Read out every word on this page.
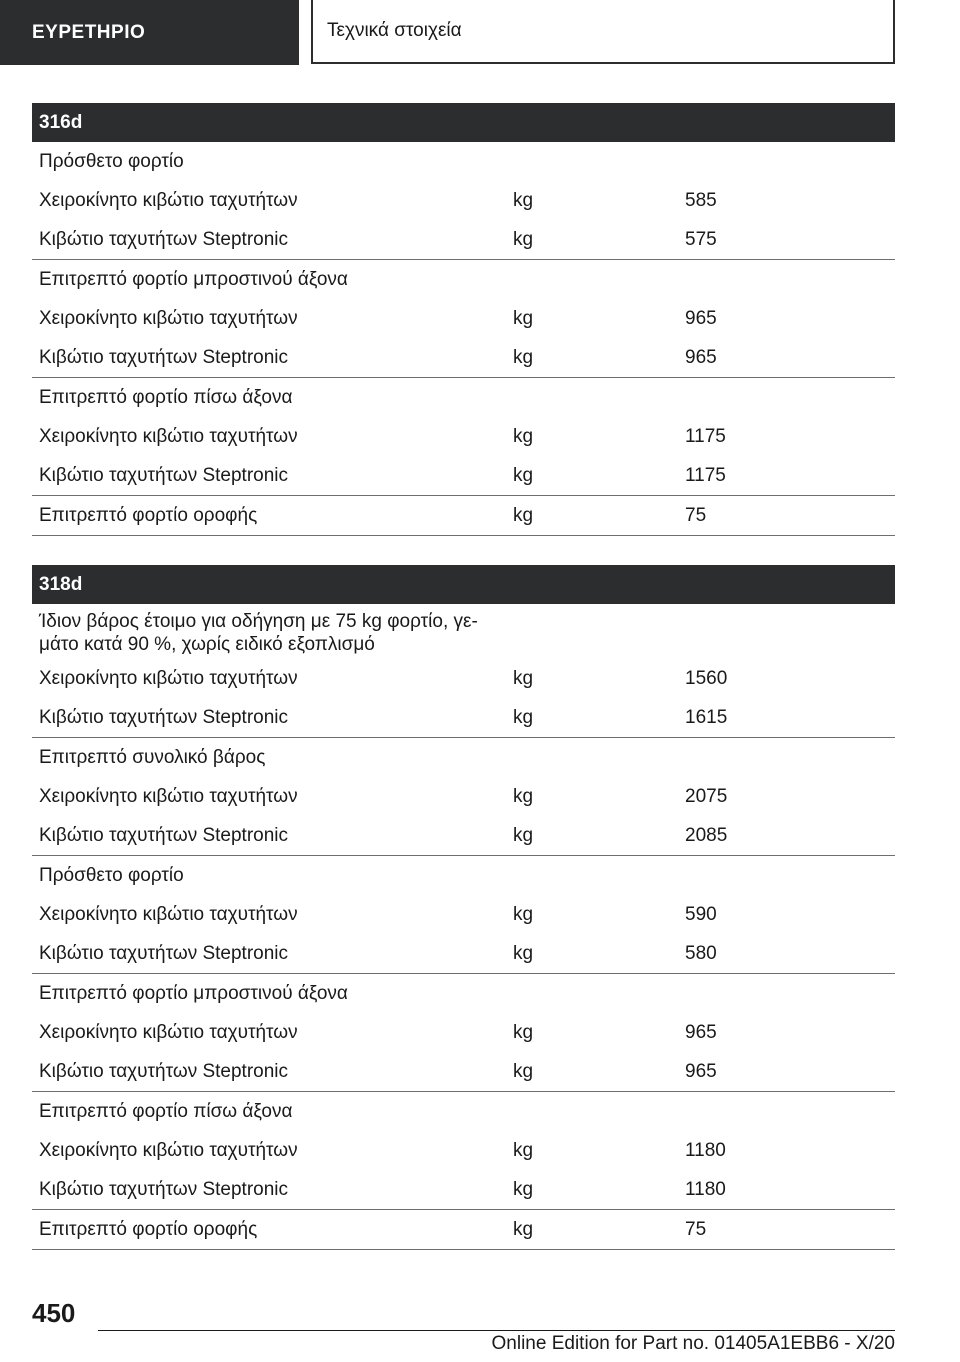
ΕΥΡΕΤΗΡΙΟ	Τεχνικά στοιχεία
316d		
Πρόσθετο φορτίο		
Χειροκίνητο κιβώτιο ταχυτήτων	kg	585
Κιβώτιο ταχυτήτων Steptronic	kg	575
Επιτρεπτό φορτίο μπροστινού άξονα		
Χειροκίνητο κιβώτιο ταχυτήτων	kg	965
Κιβώτιο ταχυτήτων Steptronic	kg	965
Επιτρεπτό φορτίο πίσω άξονα		
Χειροκίνητο κιβώτιο ταχυτήτων	kg	1175
Κιβώτιο ταχυτήτων Steptronic	kg	1175
Επιτρεπτό φορτίο οροφής	kg	75
318d		
Ίδιον βάρος έτοιμο για οδήγηση με 75 kg φορτίο, γεμάτο κατά 90 %, χωρίς ειδικό εξοπλισμό		
Χειροκίνητο κιβώτιο ταχυτήτων	kg	1560
Κιβώτιο ταχυτήτων Steptronic	kg	1615
Επιτρεπτό συνολικό βάρος		
Χειροκίνητο κιβώτιο ταχυτήτων	kg	2075
Κιβώτιο ταχυτήτων Steptronic	kg	2085
Πρόσθετο φορτίο		
Χειροκίνητο κιβώτιο ταχυτήτων	kg	590
Κιβώτιο ταχυτήτων Steptronic	kg	580
Επιτρεπτό φορτίο μπροστινού άξονα		
Χειροκίνητο κιβώτιο ταχυτήτων	kg	965
Κιβώτιο ταχυτήτων Steptronic	kg	965
Επιτρεπτό φορτίο πίσω άξονα		
Χειροκίνητο κιβώτιο ταχυτήτων	kg	1180
Κιβώτιο ταχυτήτων Steptronic	kg	1180
Επιτρεπτό φορτίο οροφής	kg	75
450
Online Edition for Part no. 01405A1EBB6 - X/20
